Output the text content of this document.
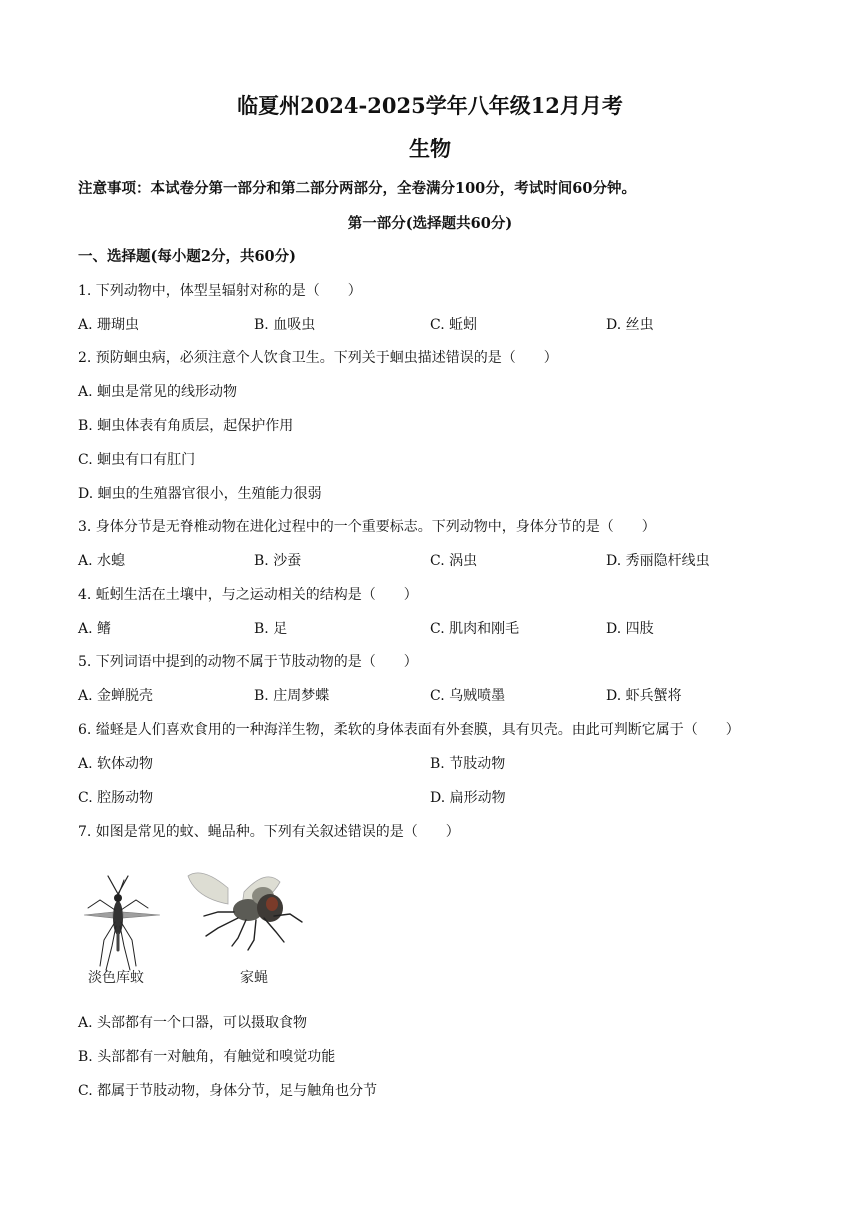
临夏州2024-2025学年八年级12月月考
生物
注意事项：本试卷分第一部分和第二部分两部分，全卷满分100分，考试时间60分钟。
第一部分(选择题共60分)
一、选择题(每小题2分，共60分)
1. 下列动物中，体型呈辐射对称的是（　　）
A. 珊瑚虫	B. 血吸虫	C. 蚯蚓	D. 丝虫
2. 预防蛔虫病，必须注意个人饮食卫生。下列关于蛔虫描述错误的是（　　）
A. 蛔虫是常见的线形动物
B. 蛔虫体表有角质层，起保护作用
C. 蛔虫有口有肛门
D. 蛔虫的生殖器官很小，生殖能力很弱
3. 身体分节是无脊椎动物在进化过程中的一个重要标志。下列动物中，身体分节的是（　　）
A. 水螅	B. 沙蚕	C. 涡虫	D. 秀丽隐杆线虫
4. 蚯蚓生活在土壤中，与之运动相关的结构是（　　）
A. 鳍	B. 足	C. 肌肉和刚毛	D. 四肢
5. 下列词语中提到的动物不属于节肢动物的是（　　）
A. 金蝉脱壳	B. 庄周梦蝶	C. 乌贼喷墨	D. 虾兵蟹将
6. 缢蛏是人们喜欢食用的一种海洋生物，柔软的身体表面有外套膜，具有贝壳。由此可判断它属于（　　）
A. 软体动物	B. 节肢动物
C. 腔肠动物	D. 扁形动物
7. 如图是常见的蚊、蝇品种。下列有关叙述错误的是（　　）
淡色库蚊	家蝇
A. 头部都有一个口器，可以摄取食物
B. 头部都有一对触角，有触觉和嗅觉功能
C. 都属于节肢动物，身体分节，足与触角也分节
